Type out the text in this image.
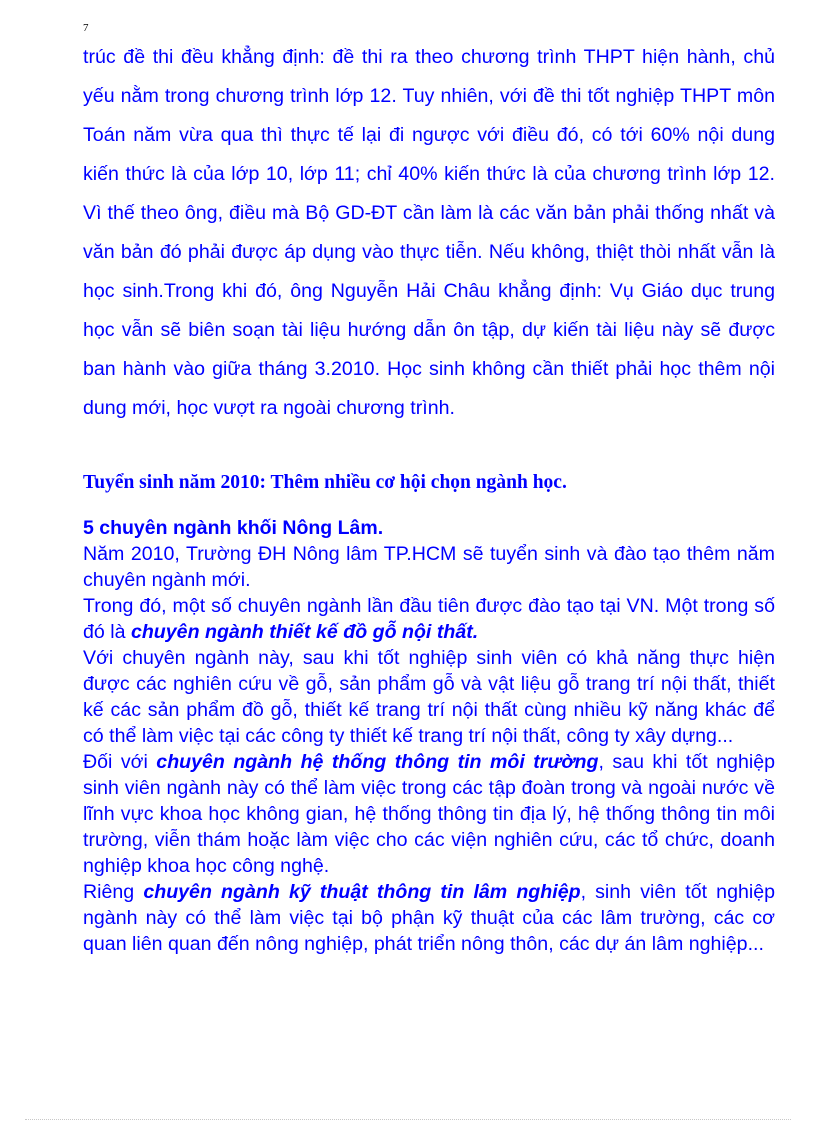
7

trúc đề thi đều khẳng định: đề thi ra theo chương trình THPT hiện hành, chủ yếu nằm trong chương trình lớp 12. Tuy nhiên, với đề thi tốt nghiệp THPT môn Toán năm vừa qua thì thực tế lại đi ngược với điều đó, có tới 60% nội dung kiến thức là của lớp 10, lớp 11; chỉ 40% kiến thức là của chương trình lớp 12. Vì thế theo ông, điều mà Bộ GD-ĐT cần làm là các văn bản phải thống nhất và văn bản đó phải được áp dụng vào thực tiễn. Nếu không, thiệt thòi nhất vẫn là học sinh.Trong khi đó, ông Nguyễn Hải Châu khẳng định: Vụ Giáo dục trung học vẫn sẽ biên soạn tài liệu hướng dẫn ôn tập, dự kiến tài liệu này sẽ được ban hành vào giữa tháng 3.2010. Học sinh không cần thiết phải học thêm nội dung mới, học vượt ra ngoài chương trình.

Tuyển sinh năm 2010: Thêm nhiều cơ hội chọn ngành học.
5 chuyên ngành khối Nông Lâm.

Năm 2010, Trường ĐH Nông lâm TP.HCM sẽ tuyển sinh và đào tạo thêm năm chuyên ngành mới.

Trong đó, một số chuyên ngành lần đầu tiên được đào tạo tại VN. Một trong số đó là chuyên ngành thiết kế đồ gỗ nội thất.

Với chuyên ngành này, sau khi tốt nghiệp sinh viên có khả năng thực hiện được các nghiên cứu về gỗ, sản phẩm gỗ và vật liệu gỗ trang trí nội thất, thiết kế các sản phẩm đồ gỗ, thiết kế trang trí nội thất cùng nhiều kỹ năng khác để có thể làm việc tại các công ty thiết kế trang trí nội thất, công ty xây dựng...

Đối với chuyên ngành hệ thống thông tin môi trường, sau khi tốt nghiệp sinh viên ngành này có thể làm việc trong các tập đoàn trong và ngoài nước về lĩnh vực khoa học không gian, hệ thống thông tin địa lý, hệ thống thông tin môi trường, viễn thám hoặc làm việc cho các viện nghiên cứu, các tổ chức, doanh nghiệp khoa học công nghệ.

Riêng chuyên ngành kỹ thuật thông tin lâm nghiệp, sinh viên tốt nghiệp ngành này có thể làm việc tại bộ phận kỹ thuật của các lâm trường, các cơ quan liên quan đến nông nghiệp, phát triển nông thôn, các dự án lâm nghiệp...
